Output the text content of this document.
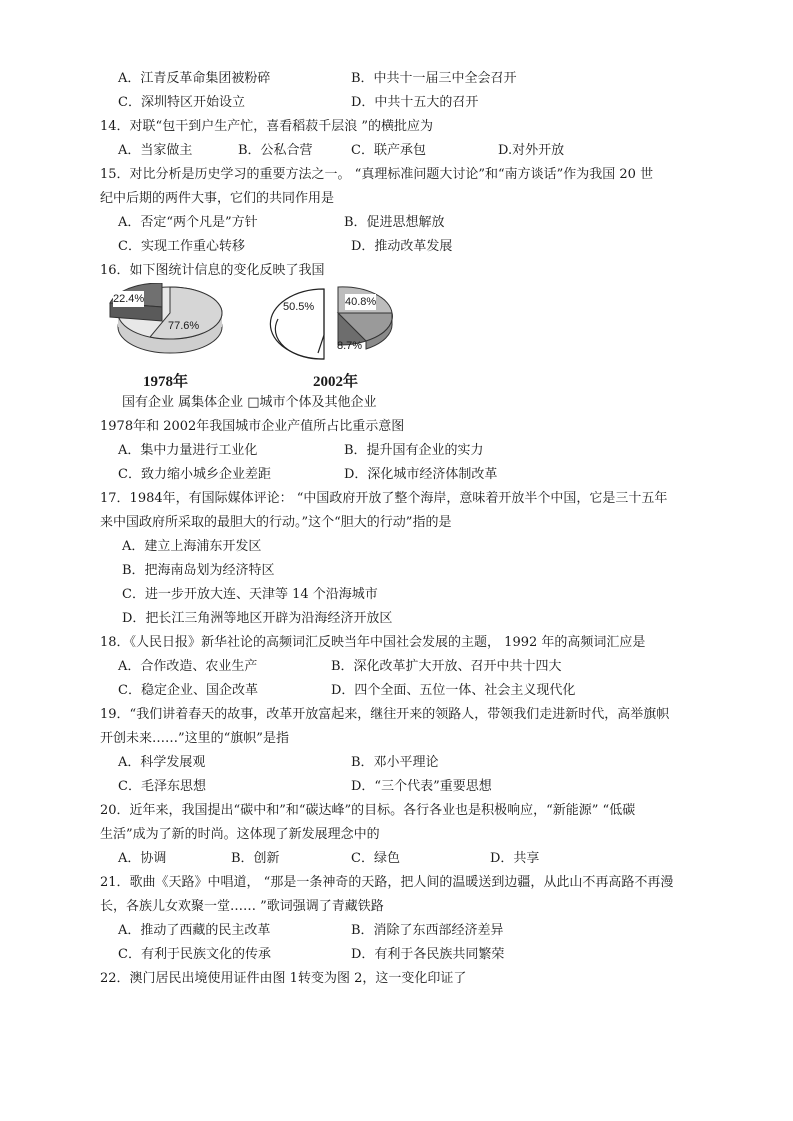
A．江青反革命集团被粉碎	B．中共十一届三中全会召开
C．深圳特区开始设立	D．中共十五大的召开
14．对联“包干到户生产忙，喜看稻菽千层浪 ”的横批应为
A．当家做主	B．公私合营	C．联产承包	D.对外开放
15．对比分析是历史学习的重要方法之一。 “真理标准问题大讨论”和“南方谈话”作为我国 20 世
纪中后期的两件大事，它们的共同作用是
A．否定“两个凡是”方针	B．促进思想解放
C．实现工作重心转移	D．推动改革发展
16．如下图统计信息的变化反映了我国
22.4%
77.6%
1978年
50.5%	40.8%
8.7%
2002年
国有企业 属集体企业 □城市个体及其他企业
1978年和 2002年我国城市企业产值所占比重示意图
A．集中力量进行工业化	B．提升国有企业的实力
C．致力缩小城乡企业差距	D．深化城市经济体制改革
17．1984年，有国际媒体评论： “中国政府开放了整个海岸，意味着开放半个中国，它是三十五年
来中国政府所采取的最胆大的行动。”这个“胆大的行动”指的是
A．建立上海浦东开发区
B．把海南岛划为经济特区
C．进一步开放大连、天津等 14 个沿海城市
D．把长江三角洲等地区开辟为沿海经济开放区
18．《人民日报》新华社论的高频词汇反映当年中国社会发展的主题， 1992 年的高频词汇应是
A．合作改造、农业生产	B．深化改革扩大开放、召开中共十四大
C．稳定企业、国企改革	D．四个全面、五位一体、社会主义现代化
19．“我们讲着春天的故事，改革开放富起来，继往开来的领路人，带领我们走进新时代，高举旗帜
开创未来……”这里的“旗帜”是指
A．科学发展观	B．邓小平理论
C．毛泽东思想	D．“三个代表”重要思想
20．近年来，我国提出“碳中和”和“碳达峰”的目标。各行各业也是积极响应，“新能源” “低碳
生活”成为了新的时尚。这体现了新发展理念中的
A．协调	B．创新	C．绿色	D．共享
21．歌曲《天路》中唱道， “那是一条神奇的天路，把人间的温暖送到边疆，从此山不再高路不再漫
长，各族儿女欢聚一堂…… ”歌词强调了青藏铁路
A．推动了西藏的民主改革	B．消除了东西部经济差异
C．有利于民族文化的传承	D．有利于各民族共同繁荣
22．澳门居民出境使用证件由图 1转变为图 2，这一变化印证了
